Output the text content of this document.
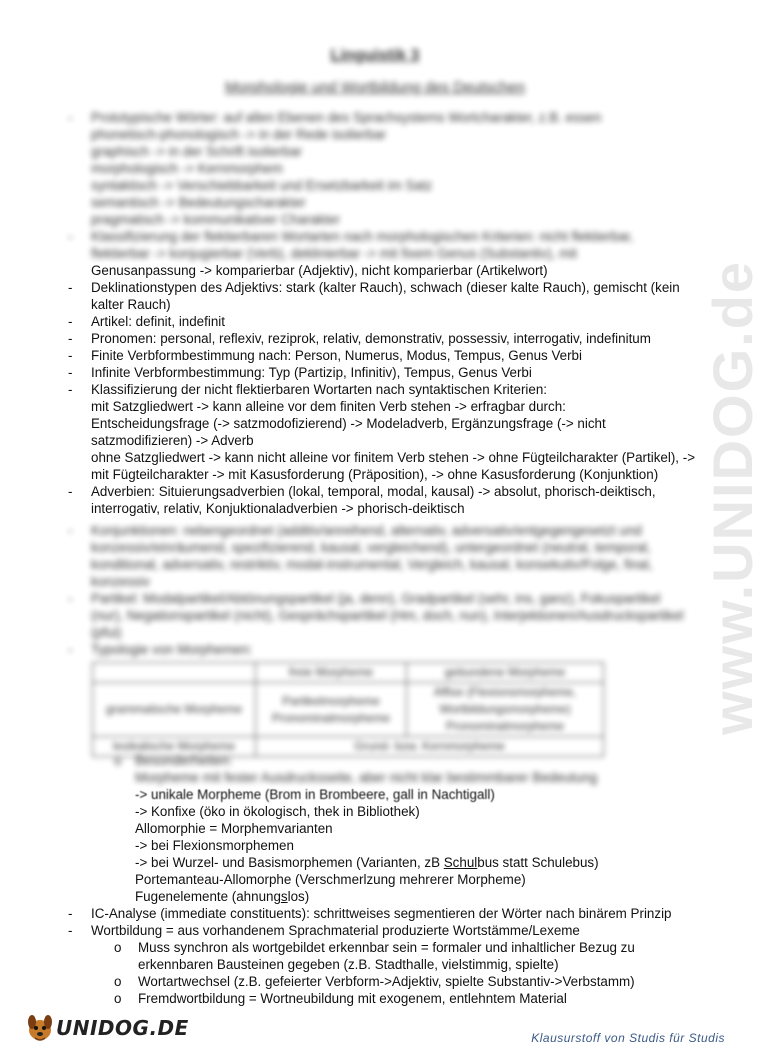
www.UNIDOG.de
Linguistik 3
Morphologie und Wortbildung des Deutschen
-	Prototypische Wörter: auf allen Ebenen des Sprachsystems Wortcharakter, z.B. essen
phonetisch-phonologisch -> in der Rede isolierbar
graphisch -> in der Schrift isolierbar
morphologisch -> Kernmorphem
syntaktisch -> Verschiebbarkeit und Ersetzbarkeit im Satz
semantisch -> Bedeutungscharakter
pragmatisch -> kommunikativer Charakter
-	Klassifizierung der flektierbaren Wortarten nach morphologischen Kriterien: nicht flektierbar,
flektierbar -> konjugierbar (Verb), deklinierbar -> mit fixem Genus (Substantiv), mit
Genusanpassung -> komparierbar (Adjektiv), nicht komparierbar (Artikelwort)
-	Deklinationstypen des Adjektivs: stark (kalter Rauch), schwach (dieser kalte Rauch), gemischt (kein kalter Rauch)
-	Artikel: definit, indefinit
-	Pronomen: personal, reflexiv, reziprok, relativ, demonstrativ, possessiv, interrogativ, indefinitum
-	Finite Verbformbestimmung nach: Person, Numerus, Modus, Tempus, Genus Verbi
-	Infinite Verbformbestimmung: Typ (Partizip, Infinitiv), Tempus, Genus Verbi
-	Klassifizierung der nicht flektierbaren Wortarten nach syntaktischen Kriterien:
mit Satzgliedwert -> kann alleine vor dem finiten Verb stehen -> erfragbar durch:
Entscheidungsfrage (-> satzmodofizierend) -> Modeladverb, Ergänzungsfrage (-> nicht satzmodifizieren) -> Adverb
ohne Satzgliedwert -> kann nicht alleine vor finitem Verb stehen -> ohne Fügteilcharakter (Partikel), -> mit Fügteilcharakter -> mit Kasusforderung (Präposition), -> ohne Kasusforderung (Konjunktion)
-	Adverbien: Situierungsadverbien (lokal, temporal, modal, kausal) -> absolut, phorisch-deiktisch, interrogativ, relativ, Konjuktionaladverbien -> phorisch-deiktisch
-	Konjunktionen: nebengeordnet (additiv/anreihend, alternativ, adversativ/entgegengesetzt und
konzessiv/einräumend, spezifizierend, kausal, vergleichend), untergeordnet (neutral, temporal,
konditional, adversativ, restriktiv, modal-instrumental, Vergleich, kausal, konsekutiv/Folge, final,
konzessiv
-	Partikel: Modalpartikel/Abtönungspartikel (ja, denn), Gradpartikel (sehr, ins, ganz), Fokuspartikel
(nur), Negationspartikel (nicht), Gesprächspartikel (Hm, doch, nun), Interjektionen/Ausdruckspartikel
(pfui)
-	Typologie von Morphemen:
	freie Morpheme	gebundene Morpheme
grammatische Morpheme	Partikelmorpheme Pronominalmorpheme	Affixe (Flexionsmorpheme, Wortbildungsmorpheme) Pronominalmorpheme
lexikalische Morpheme	Grund- bzw. Kernmorpheme	
o	Besonderheiten:
Morpheme mit fester Ausdrucksseite, aber nicht klar bestimmbarer Bedeutung
-> unikale Morpheme (Brom in Brombeere, gall in Nachtigall)
-> Konfixe (öko in ökologisch, thek in Bibliothek)
Allomorphie = Morphemvarianten
-> bei Flexionsmorphemen
-> bei Wurzel- und Basismorphemen (Varianten, zB Schulbus statt Schulebus)
Portemanteau-Allomorphe (Verschmerlzung mehrerer Morpheme)
Fugenelemente (ahnungslos)
-	IC-Analyse (immediate constituents): schrittweises segmentieren der Wörter nach binärem Prinzip
-	Wortbildung = aus vorhandenem Sprachmaterial produzierte Wortstämme/Lexeme
o	Muss synchron als wortgebildet erkennbar sein = formaler und inhaltlicher Bezug zu erkennbaren Bausteinen gegeben (z.B. Stadthalle, vielstimmig, spielte)
o	Wortartwechsel (z.B. gefeierter Verbform->Adjektiv, spielte Substantiv->Verbstamm)
o	Fremdwortbildung = Wortneubildung mit exogenem, entlehntem Material
UNIDOG.DE	Klausurstoff von Studis für Studis
